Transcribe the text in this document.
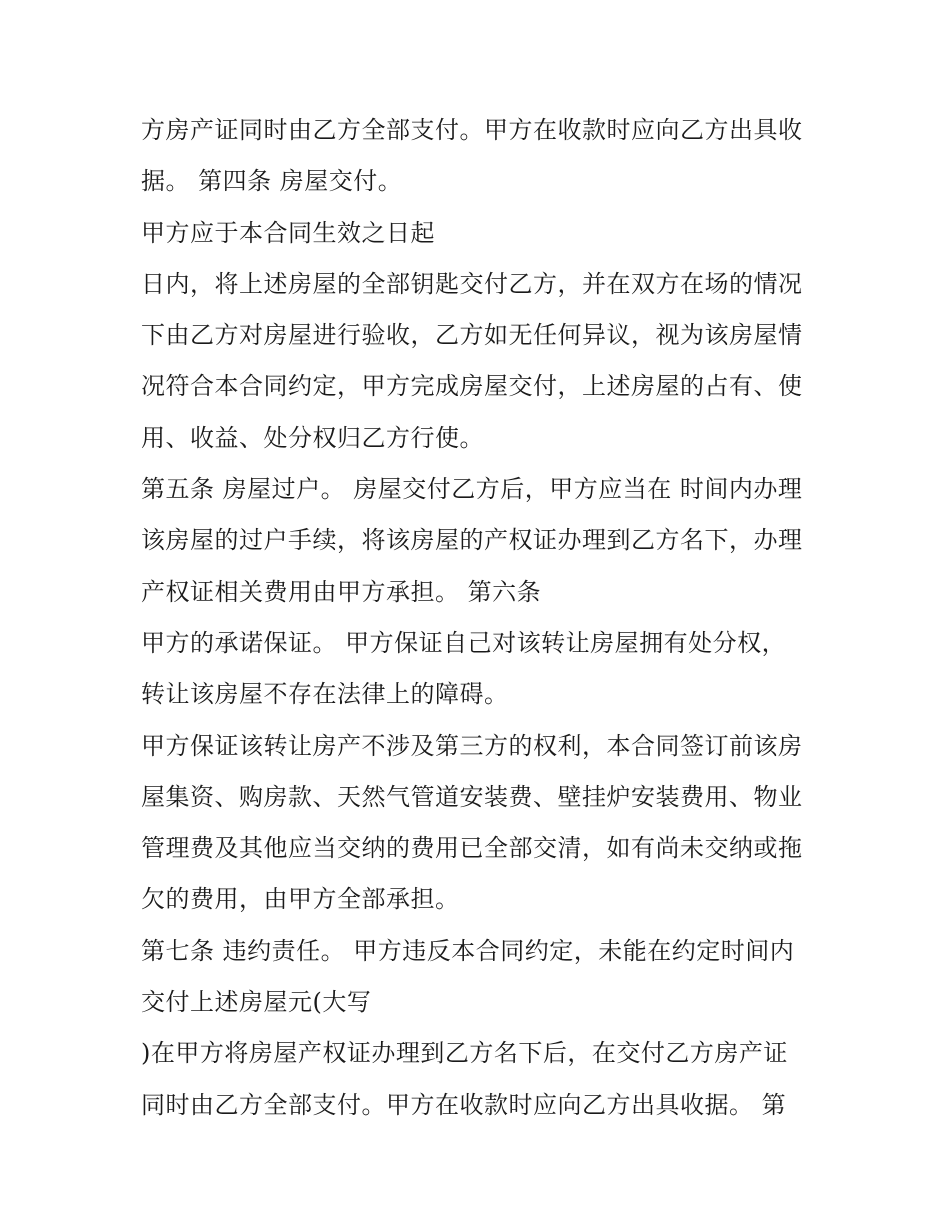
方房产证同时由乙方全部支付。甲方在收款时应向乙方出具收
据。 第四条 房屋交付。
甲方应于本合同生效之日起
日内，将上述房屋的全部钥匙交付乙方，并在双方在场的情况
下由乙方对房屋进行验收，乙方如无任何异议，视为该房屋情
况符合本合同约定，甲方完成房屋交付，上述房屋的占有、使
用、收益、处分权归乙方行使。
第五条 房屋过户。 房屋交付乙方后，甲方应当在 时间内办理
该房屋的过户手续，将该房屋的产权证办理到乙方名下，办理
产权证相关费用由甲方承担。 第六条
甲方的承诺保证。 甲方保证自己对该转让房屋拥有处分权，
转让该房屋不存在法律上的障碍。
甲方保证该转让房产不涉及第三方的权利，本合同签订前该房
屋集资、购房款、天然气管道安装费、壁挂炉安装费用、物业
管理费及其他应当交纳的费用已全部交清，如有尚未交纳或拖
欠的费用，由甲方全部承担。
第七条 违约责任。 甲方违反本合同约定，未能在约定时间内
交付上述房屋元(大写
)在甲方将房屋产权证办理到乙方名下后，在交付乙方房产证
同时由乙方全部支付。甲方在收款时应向乙方出具收据。 第
